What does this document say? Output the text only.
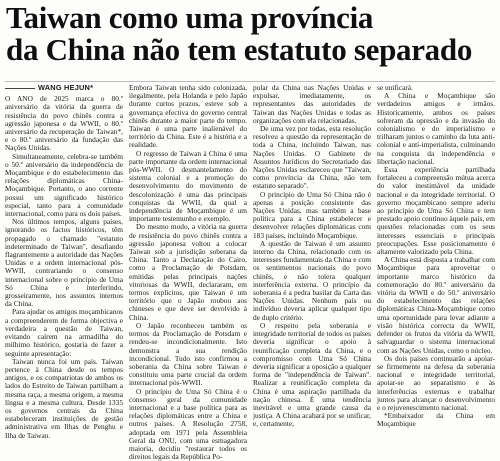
Taiwan como uma província
da China não tem estatuto separado
WANG HEJUN*

O ANO de 2025 marca o 80.º aniversário da vitória da guerra de resistência do povo chinês contra a agressão japonesa e da WWII, o 80.º aniversário da recuperação de Taiwan*, e o 80.º aniversário da fundação das Nações Unidas.

Simultaneamente, celebra-se também o 50.º aniversário da independência de Moçambique e do estabelecimento das relações diplomáticas China-Moçambique. Portanto, o ano corrente possui um significado histórico especial, tanto para a comunidade internacional, como para os dois países.

Nos últimos tempos, alguns países, ignorando os factos históricos, têm propagado o chamado "estatuto indeterminado de Taiwan", desafiando flagrantemente a autoridade das Nações Unidas e a ordem internacional pós-WWII, contrariando o consenso internacional sobre o princípio de Uma Só China e interferindo, grosseiramente, nos assuntos internos da China.

Para ajudar os amigos moçambicanos a compreenderem de forma objectiva e verdadeira a questão de Taiwan, evitando caírem na armadilha do milhimo histórico, gostaria de fazer a seguinte apresentação:

Taiwan nunca foi um país. Taiwan pertence à China desde os tempos antigos, e os compatriotas de ambos os lados do Estreito de Taiwan partilham a mesma raça, a mesma origem, a mesma língua e a mesma cultura. Desde 1335 os governos centrais da China estabeleceram instituições de gestão administrativa em Ilhas de Penghu e Ilha de Taiwan.

Embora Taiwan tenha sido colonizada, ilegalmente, pela Holanda e pelo Japão durante curtos prazos, esteve sob a governança efectiva do governo central chinês durante a maior parte do tempo. Taiwan é uma parte inalienável do território da China. Este é a história e a realidade.

O regresso de Taiwan à China é uma parte importante da ordem internacional pós-WWII. O desmantelamento do sistema colonial e a promoção do desenvolvimento do movimento de descolonização é uma das principais conquistas da WWII, da qual a independência de Moçambique é um importante testemunho e exemplo.

Do mesmo modo, a vitória na guerra de resistência do povo chinês contra a agressão japonesa voltou a colocar Taiwan sob a jurisdição soberana da China. Tanto a Declaração do Cairo, como a Proclamação de Potsdam, emitidas pelas principais nações vitoriosas da WWII, declararam, em termos explícitos, que Taiwan é um território que o Japão roubou aos chineses e que deve ser devolvido à China.

O Japão reconheceu também os termos da Proclamação de Potsdam e rendeu-se incondicionalmente. Isto demonstra a sua rendição incondicional. Tudo isto confirmou a soberania da China sobre Taiwan e constituiu uma parte crucial da ordem internacional pós-WWII.

O princípio de Uma Só China é o consenso geral da comunidade internacional e a base política para as relações diplomáticas entre a China e outros países. A Resolução 2758, adoptada em 1971 pela Assembleia Geral da ONU, com uma esmagadora maioria, decidiu "restaurar todos os direitos legais da República Po-

pular da China nas Nações Unidas e expulsar, imediatamente, os representantes das autoridades de Taiwan das Nações Unidas e todas as organizações com ela relacionadas.

De uma vez por todas, esta resolução resolveu a questão da representação de toda a China, incluindo Taiwan, nas Nações Unidas. O Gabinete de Assuntos Jurídicos do Secretariado das Nações Unidas esclareceu que "Taiwan, como província da China, não tem estatuto separado".

O princípio de Uma Só China não é apenas a posição consistente das Nações Unidas, mas também a base política para a China estabelecer e desenvolver relações diplomáticas com 183 países, incluindo Moçambique.

A questão de Taiwan é um assunto interno da China, relacionado com os interesses fundamentais da China e com os sentimentos nacionais do povo chinês, e não tolera qualquer interferência externa. O princípio da soberania é a pedra basilar da Carta das Nações Unidas. Nenhum país ou indivíduo deveria aplicar qualquer tipo de duplo critério.

O respeito pela soberania e integridade territorial de todos os países deveria significar o apoio à reunificação completa da China, e o compromisso com Uma Só China deveria significar a oposição a qualquer forma de "independência de Taiwan". Realizar a reunificação completa da China é uma aspiração partilhada da nação chinesa. É uma tendência inevitável e uma grande causa da justiça. A China acabará por se unificar, e, certamente,

se unificará.

A China e Moçambique são verdadeiros amigos e irmãos. Historicamente, ambos os países sofreram da opressão e da invasão do colonialismo e do imperialismo e trilharam juntos o caminho da luta anti-colonial e anti-imperialista, culminando na conquista da independência e libertação nacional.

Essa experiência partilhada fortaleceu a compreensão mútua acerca do valor inestimável da unidade nacional e da integridade territorial. O governo moçambicano sempre aderiu ao princípio de Uma Só China e tem prestado apoio contínuo àquele país, em questões relacionadas com os seus interesses essenciais e principais preocupações. Esse posicionamento é altamente valorizado pela China.

A China está disposta a trabalhar com Moçambique para aproveitar o importante marco histórico da comemoração do 80.º aniversário da vitória da WWII e do 50.º aniversário do estabelecimento das relações diplomáticas China-Moçambique como uma oportunidade para levar adiante a visão histórica correcta da WWII, defender os frutos da vitória da WWII, salvaguardar o sistema internacional com as Nações Unidas, como o núcleo.

Os dois países continuarão a apoiar-se firmemente na defesa da soberania nacional e integridade territorial, apoiar-se ao separatismo e às interferências externas e trabalhar juntos para alcançar o desenvolvimento e o rejuvenescimento nacional.

*Embaixador da China em Moçambique
